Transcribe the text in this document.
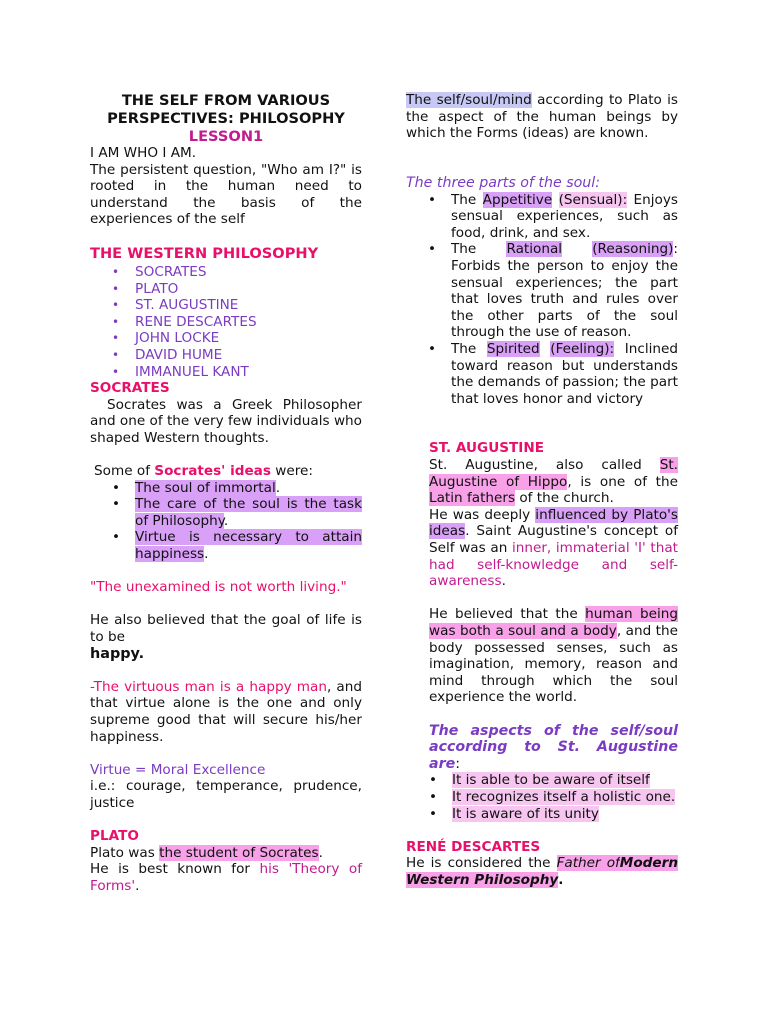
THE SELF FROM VARIOUS

PERSPECTIVES: PHILOSOPHY

LESSON1

I AM WHO I AM.

The persistent question, "Who am I?" is rooted in the human need to understand the basis of the experiences of the self

THE WESTERN PHILOSOPHY

• SOCRATES
• PLATO
• ST. AUGUSTINE
• RENE DESCARTES
• JOHN LOCKE
• DAVID HUME
• IMMANUEL KANT

SOCRATES

Socrates was a Greek Philosopher and one of the very few individuals who shaped Western thoughts.

Some of Socrates' ideas were:

• The soul of immortal.
• The care of the soul is the task of Philosophy.
• Virtue is necessary to attain happiness.

"The unexamined is not worth living."

He also believed that the goal of life is to be

happy.

-The virtuous man is a happy man, and that virtue alone is the one and only supreme good that will secure his/her happiness.

Virtue = Moral Excellence

i.e.: courage, temperance, prudence, justice

PLATO

Plato was the student of Socrates.

He is best known for his 'Theory of Forms'.

The self/soul/mind according to Plato is the aspect of the human beings by which the Forms (ideas) are known.

The three parts of the soul:

• The Appetitive (Sensual): Enjoys sensual experiences, such as food, drink, and sex.
• The Rational (Reasoning): Forbids the person to enjoy the sensual experiences; the part that loves truth and rules over the other parts of the soul through the use of reason.
• The Spirited (Feeling): Inclined toward reason but understands the demands of passion; the part that loves honor and victory

ST. AUGUSTINE

St. Augustine, also called St. Augustine of Hippo, is one of the Latin fathers of the church.

He was deeply influenced by Plato's ideas. Saint Augustine's concept of Self was an inner, immaterial 'I' that had self-knowledge and self-awareness.

He believed that the human being was both a soul and a body, and the body possessed senses, such as imagination, memory, reason and mind through which the soul experience the world.

The aspects of the self/soul according to St. Augustine are:

• It is able to be aware of itself
• It recognizes itself a holistic one.
• It is aware of its unity

RENÉ DESCARTES

He is considered the Father ofModern Western Philosophy.
